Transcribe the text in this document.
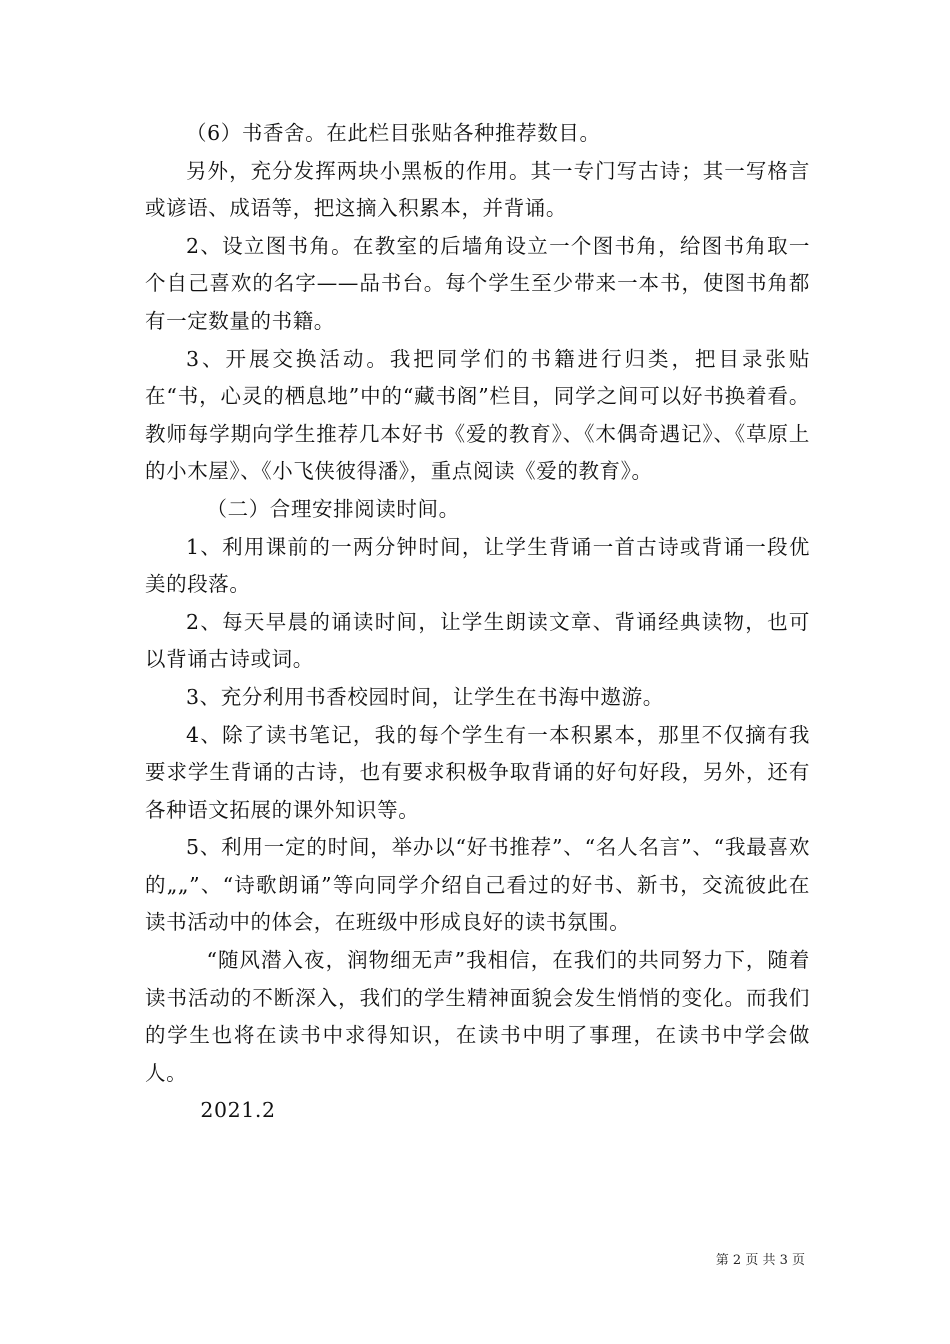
（6）书香舍。在此栏目张贴各种推荐数目。

另外，充分发挥两块小黑板的作用。其一专门写古诗；其一写格言或谚语、成语等，把这摘入积累本，并背诵。

2、设立图书角。在教室的后墙角设立一个图书角，给图书角取一个自己喜欢的名字——品书台。每个学生至少带来一本书，使图书角都有一定数量的书籍。

3、开展交换活动。我把同学们的书籍进行归类，把目录张贴在“书，心灵的栖息地”中的“藏书阁”栏目，同学之间可以好书换着看。教师每学期向学生推荐几本好书《爱的教育》、《木偶奇遇记》、《草原上的小木屋》、《小飞侠彼得潘》，重点阅读《爱的教育》。

（二）合理安排阅读时间。

1、利用课前的一两分钟时间，让学生背诵一首古诗或背诵一段优美的段落。

2、每天早晨的诵读时间，让学生朗读文章、背诵经典读物，也可以背诵古诗或词。

3、充分利用书香校园时间，让学生在书海中遨游。

4、除了读书笔记，我的每个学生有一本积累本，那里不仅摘有我要求学生背诵的古诗，也有要求积极争取背诵的好句好段，另外，还有各种语文拓展的课外知识等。

5、利用一定的时间，举办以“好书推荐”、“名人名言”、“我最喜欢的„„”、“诗歌朗诵”等向同学介绍自己看过的好书、新书，交流彼此在读书活动中的体会，在班级中形成良好的读书氛围。

“随风潜入夜，润物细无声”我相信，在我们的共同努力下，随着读书活动的不断深入，我们的学生精神面貌会发生悄悄的变化。而我们的学生也将在读书中求得知识，在读书中明了事理，在读书中学会做人。

2021.2

第 2 页 共 3 页
